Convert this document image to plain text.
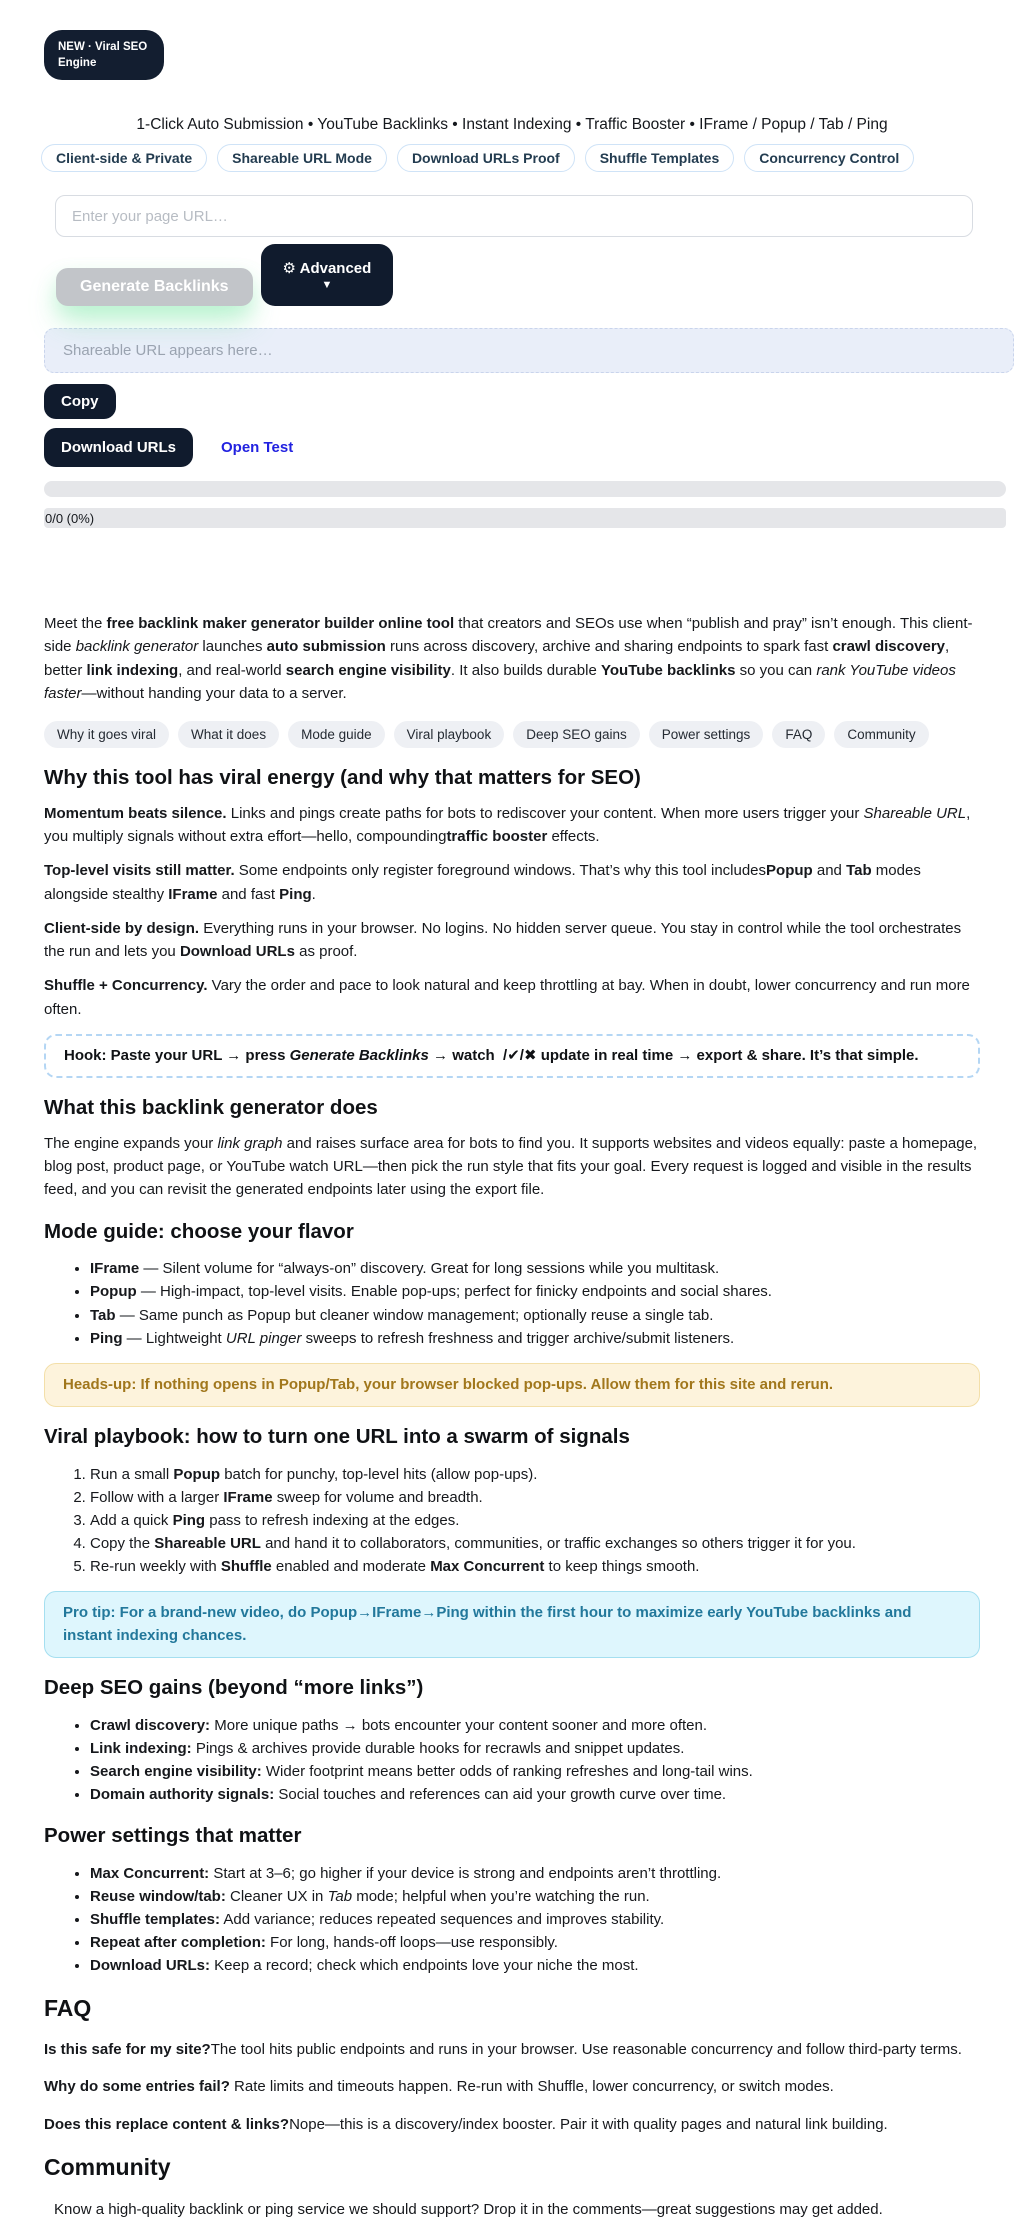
NEW · Viral SEO Engine
1-Click Auto Submission • YouTube Backlinks • Instant Indexing • Traffic Booster • IFrame / Popup / Tab / Ping
Client-side & Private	Shareable URL Mode	Download URLs Proof	Shuffle Templates	Concurrency Control
Enter your page URL…
Generate Backlinks
⚙ Advanced
▼
Shareable URL appears here… Copy
Download URLs	Open Test
0/0 (0%)

Meet the free backlink maker generator builder online tool that creators and SEOs use when “publish and pray” isn’t enough. This client-side backlink generator launches auto submission runs across discovery, archive and sharing endpoints to spark fast crawl discovery, better link indexing, and real-world search engine visibility. It also builds durable YouTube backlinks so you can rank YouTube videos faster—without handing your data to a server.

Why it goes viral	What it does	Mode guide	Viral playbook	Deep SEO gains	Power settings	FAQ	Community
Why this tool has viral energy (and why that matters for SEO)

Momentum beats silence. Links and pings create paths for bots to rediscover your content. When more users trigger your Shareable URL, you multiply signals without extra effort—hello, compoundingtraffic booster effects.

Top-level visits still matter. Some endpoints only register foreground windows. That’s why this tool includesPopup and Tab modes alongside stealthy IFrame and fast Ping.

Client-side by design. Everything runs in your browser. No logins. No hidden server queue. You stay in control while the tool orchestrates the run and lets you Download URLs as proof.

Shuffle + Concurrency. Vary the order and pace to look natural and keep throttling at bay. When in doubt, lower concurrency and run more often.

Hook: Paste your URL → press Generate Backlinks → watch  /✔/✖ update in real time → export & share. It’s that simple.
What this backlink generator does

The engine expands your link graph and raises surface area for bots to find you. It supports websites and videos equally: paste a homepage, blog post, product page, or YouTube watch URL—then pick the run style that fits your goal. Every request is logged and visible in the results feed, and you can revisit the generated endpoints later using the export file.

Mode guide: choose your flavor
• IFrame — Silent volume for “always-on” discovery. Great for long sessions while you multitask.
• Popup — High-impact, top-level visits. Enable pop-ups; perfect for finicky endpoints and social shares.
• Tab — Same punch as Popup but cleaner window management; optionally reuse a single tab.
• Ping — Lightweight URL pinger sweeps to refresh freshness and trigger archive/submit listeners.
Heads-up: If nothing opens in Popup/Tab, your browser blocked pop-ups. Allow them for this site and rerun.
Viral playbook: how to turn one URL into a swarm of signals
1. Run a small Popup batch for punchy, top-level hits (allow pop-ups).
2. Follow with a larger IFrame sweep for volume and breadth.
3. Add a quick Ping pass to refresh indexing at the edges.
4. Copy the Shareable URL and hand it to collaborators, communities, or traffic exchanges so others trigger it for you.
5. Re-run weekly with Shuffle enabled and moderate Max Concurrent to keep things smooth.
Pro tip: For a brand-new video, do Popup→IFrame→Ping within the first hour to maximize early YouTube backlinks and instant indexing chances.
Deep SEO gains (beyond “more links”)
• Crawl discovery: More unique paths → bots encounter your content sooner and more often.
• Link indexing: Pings & archives provide durable hooks for recrawls and snippet updates.
• Search engine visibility: Wider footprint means better odds of ranking refreshes and long-tail wins.
• Domain authority signals: Social touches and references can aid your growth curve over time.
Power settings that matter
• Max Concurrent: Start at 3–6; go higher if your device is strong and endpoints aren’t throttling.
• Reuse window/tab: Cleaner UX in Tab mode; helpful when you’re watching the run.
• Shuffle templates: Add variance; reduces repeated sequences and improves stability.
• Repeat after completion: For long, hands-off loops—use responsibly.
• Download URLs: Keep a record; check which endpoints love your niche the most.
FAQ

Is this safe for my site?The tool hits public endpoints and runs in your browser. Use reasonable concurrency and follow third-party terms.

Why do some entries fail? Rate limits and timeouts happen. Re-run with Shuffle, lower concurrency, or switch modes.

Does this replace content & links?Nope—this is a discovery/index booster. Pair it with quality pages and natural link building.

Community

Know a high-quality backlink or ping service we should support? Drop it in the comments—great suggestions may get added.
